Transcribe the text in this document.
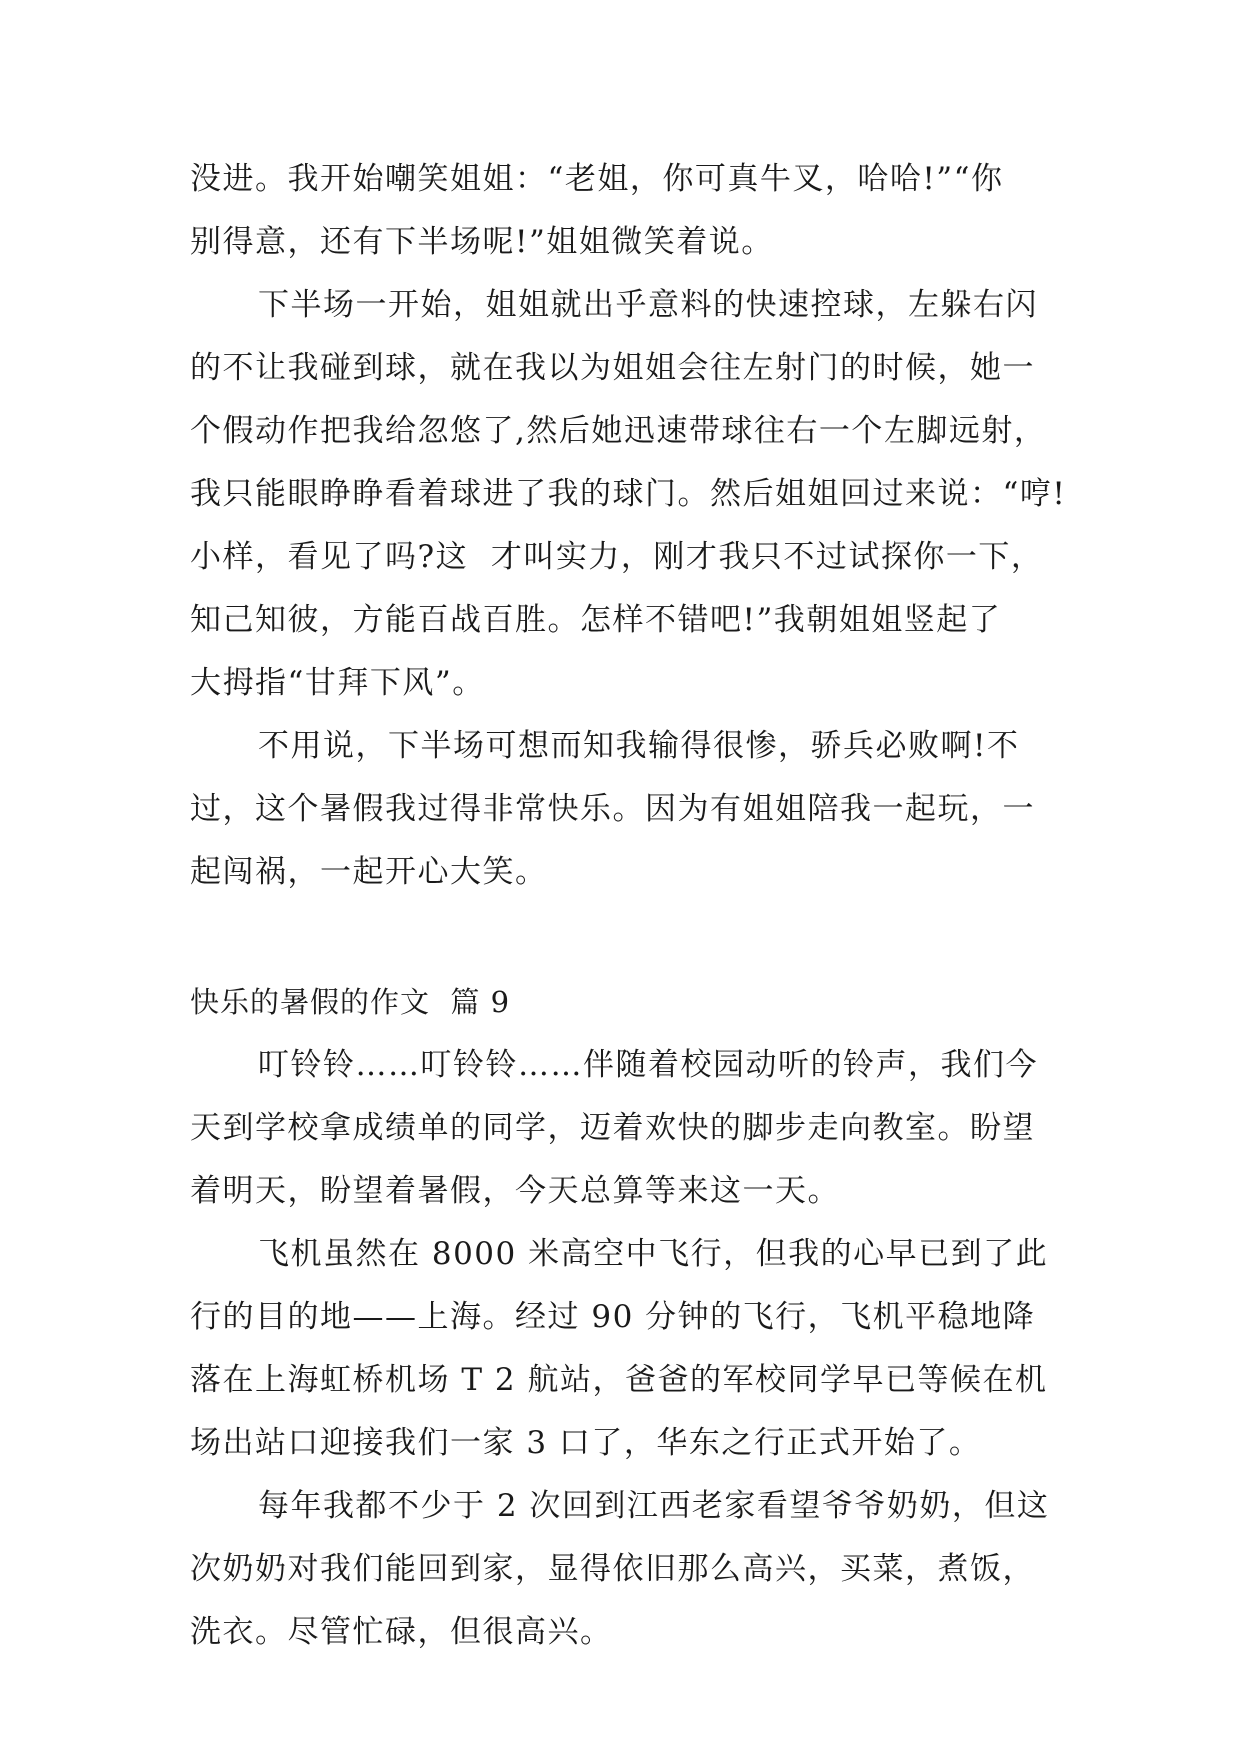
没进。我开始嘲笑姐姐：“老姐，你可真牛叉，哈哈!”“你
别得意，还有下半场呢!”姐姐微笑着说。
下半场一开始，姐姐就出乎意料的快速控球，左躲右闪
的不让我碰到球，就在我以为姐姐会往左射门的时候，她一
个假动作把我给忽悠了,然后她迅速带球往右一个左脚远射，
我只能眼睁睁看着球进了我的球门。然后姐姐回过来说：“哼!
小样，看见了吗?这  才叫实力，刚才我只不过试探你一下，
知己知彼，方能百战百胜。怎样不错吧!”我朝姐姐竖起了
大拇指“甘拜下风”。
不用说，下半场可想而知我输得很惨，骄兵必败啊!不
过，这个暑假我过得非常快乐。因为有姐姐陪我一起玩，一
起闯祸，一起开心大笑。
快乐的暑假的作文  篇 9
叮铃铃……叮铃铃……伴随着校园动听的铃声，我们今
天到学校拿成绩单的同学，迈着欢快的脚步走向教室。盼望
着明天，盼望着暑假，今天总算等来这一天。
飞机虽然在 8000 米高空中飞行，但我的心早已到了此
行的目的地——上海。经过 90 分钟的飞行，飞机平稳地降
落在上海虹桥机场 T 2 航站，爸爸的军校同学早已等候在机
场出站口迎接我们一家 3 口了，华东之行正式开始了。
每年我都不少于 2 次回到江西老家看望爷爷奶奶，但这
次奶奶对我们能回到家，显得依旧那么高兴，买菜，煮饭，
洗衣。尽管忙碌，但很高兴。
